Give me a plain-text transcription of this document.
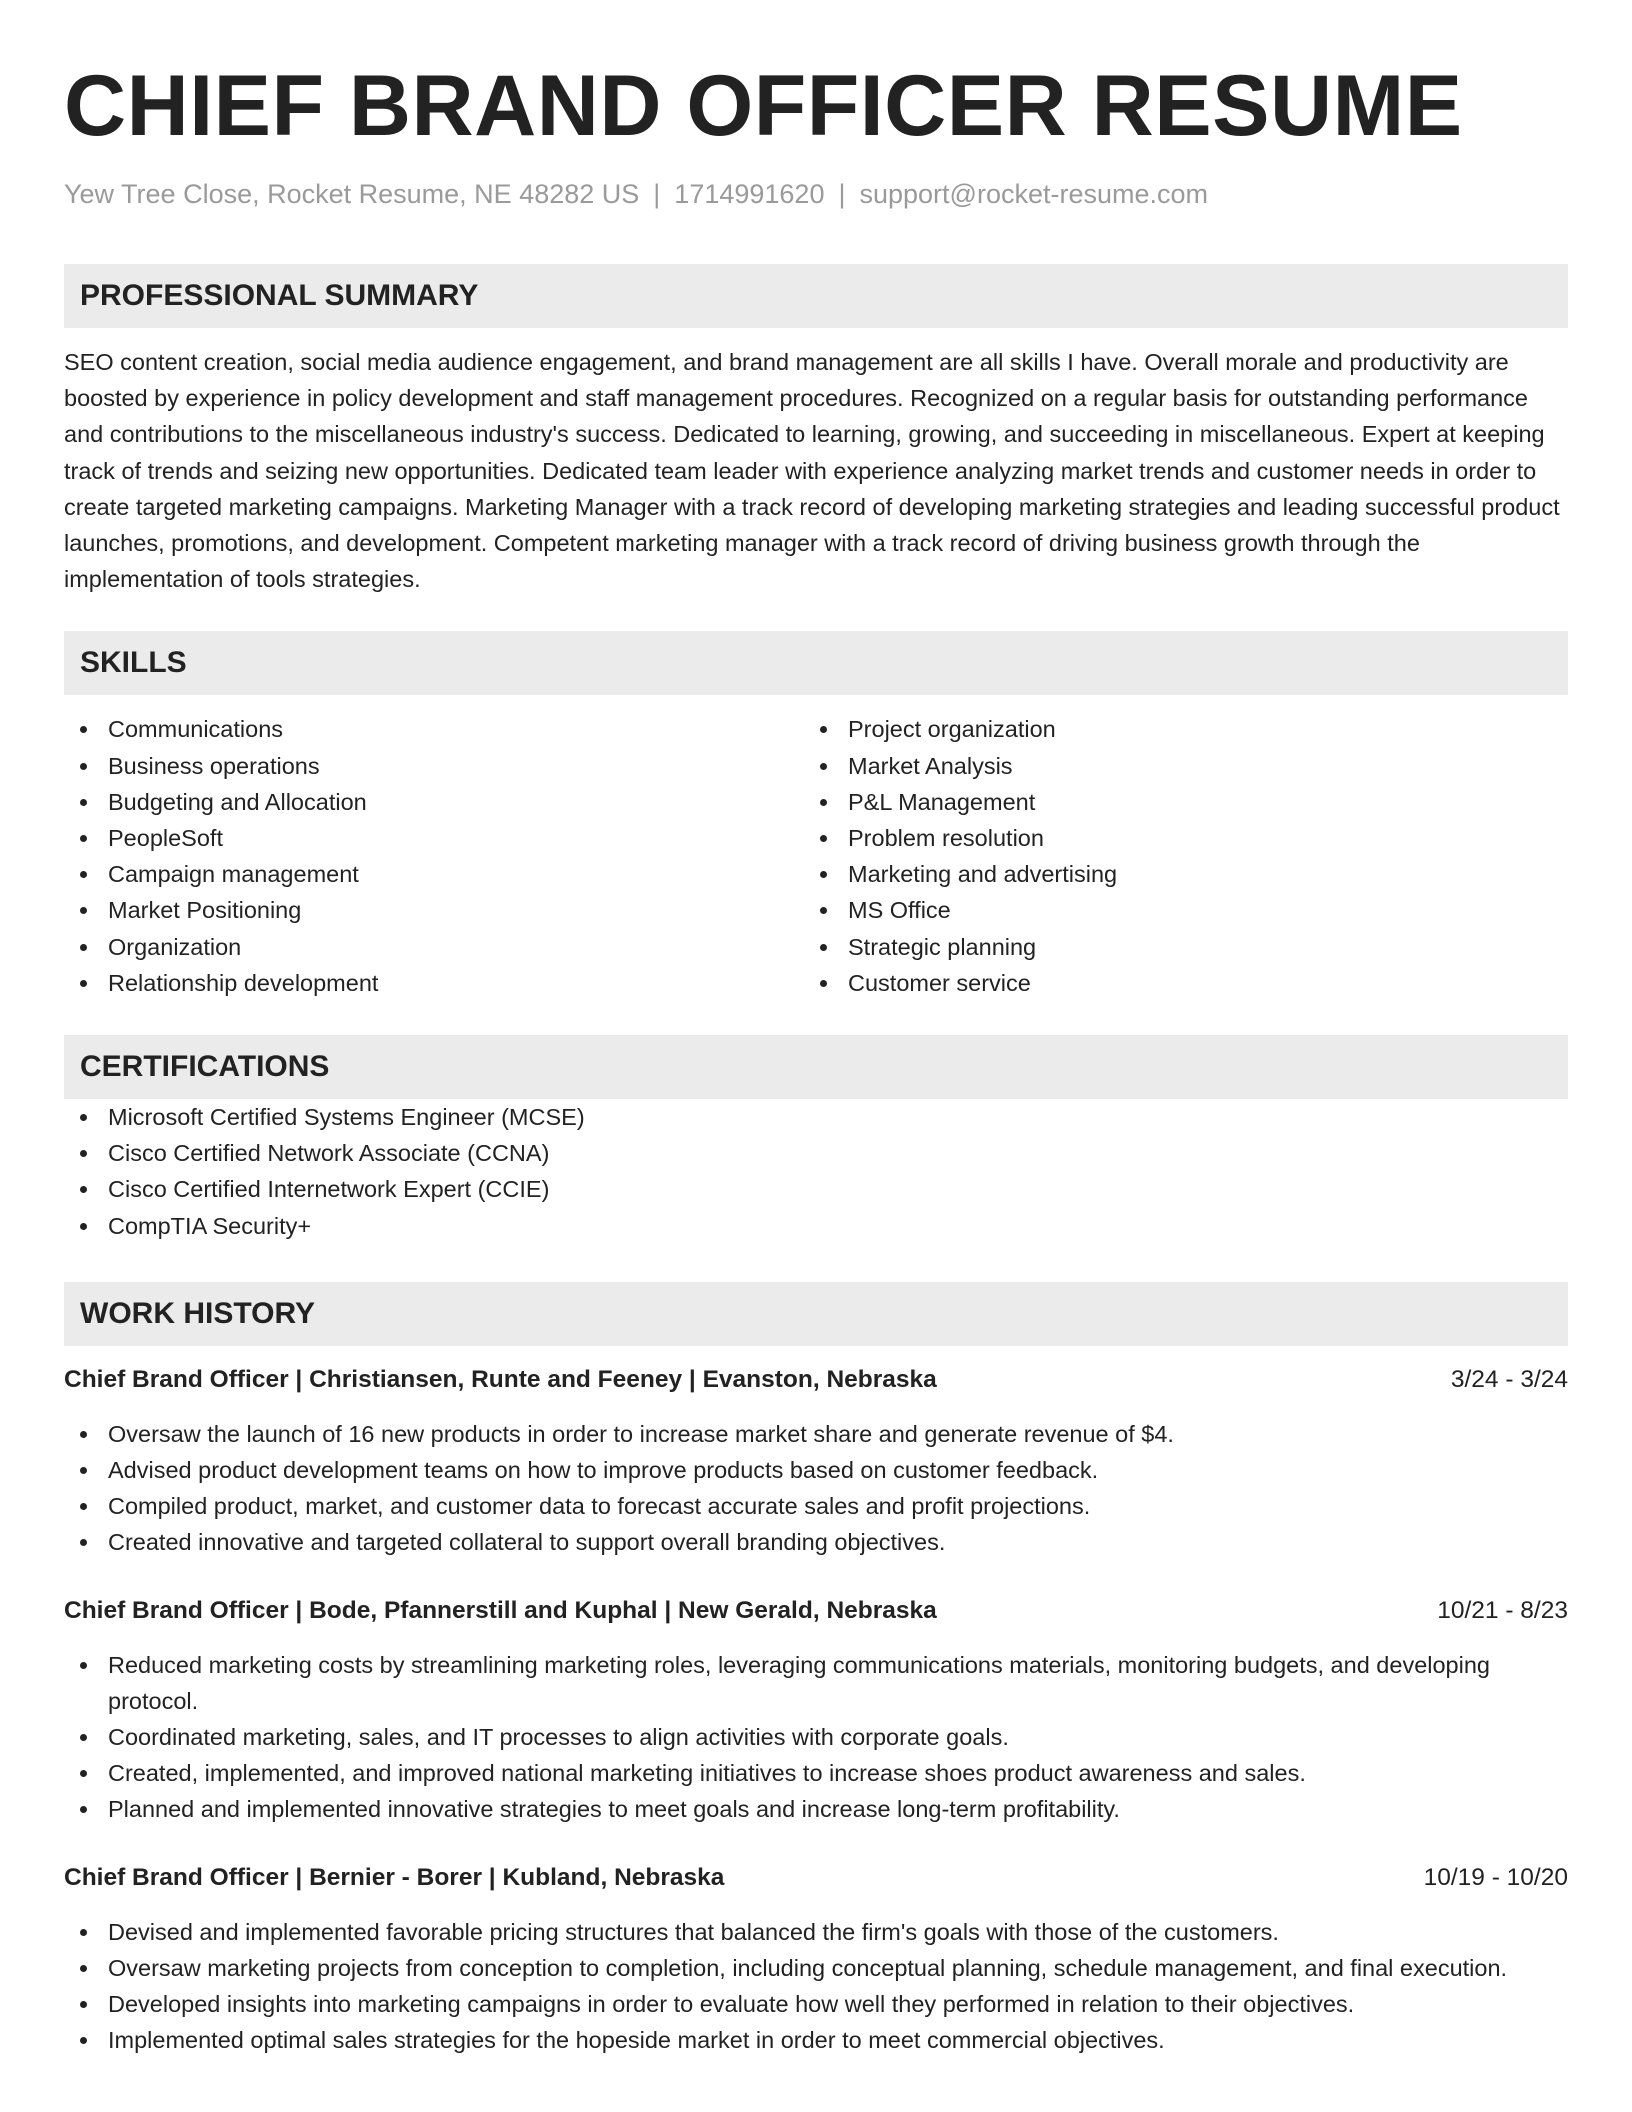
CHIEF BRAND OFFICER RESUME
Yew Tree Close, Rocket Resume, NE 48282 US | 1714991620 | support@rocket-resume.com
PROFESSIONAL SUMMARY
SEO content creation, social media audience engagement, and brand management are all skills I have. Overall morale and productivity are boosted by experience in policy development and staff management procedures. Recognized on a regular basis for outstanding performance and contributions to the miscellaneous industry's success. Dedicated to learning, growing, and succeeding in miscellaneous. Expert at keeping track of trends and seizing new opportunities. Dedicated team leader with experience analyzing market trends and customer needs in order to create targeted marketing campaigns. Marketing Manager with a track record of developing marketing strategies and leading successful product launches, promotions, and development. Competent marketing manager with a track record of driving business growth through the implementation of tools strategies.
SKILLS
Communications
Business operations
Budgeting and Allocation
PeopleSoft
Campaign management
Market Positioning
Organization
Relationship development
Project organization
Market Analysis
P&L Management
Problem resolution
Marketing and advertising
MS Office
Strategic planning
Customer service
CERTIFICATIONS
Microsoft Certified Systems Engineer (MCSE)
Cisco Certified Network Associate (CCNA)
Cisco Certified Internetwork Expert (CCIE)
CompTIA Security+
WORK HISTORY
Chief Brand Officer | Christiansen, Runte and Feeney | Evanston, Nebraska	3/24 - 3/24
Oversaw the launch of 16 new products in order to increase market share and generate revenue of $4.
Advised product development teams on how to improve products based on customer feedback.
Compiled product, market, and customer data to forecast accurate sales and profit projections.
Created innovative and targeted collateral to support overall branding objectives.
Chief Brand Officer | Bode, Pfannerstill and Kuphal | New Gerald, Nebraska	10/21 - 8/23
Reduced marketing costs by streamlining marketing roles, leveraging communications materials, monitoring budgets, and developing protocol.
Coordinated marketing, sales, and IT processes to align activities with corporate goals.
Created, implemented, and improved national marketing initiatives to increase shoes product awareness and sales.
Planned and implemented innovative strategies to meet goals and increase long-term profitability.
Chief Brand Officer | Bernier - Borer | Kubland, Nebraska	10/19 - 10/20
Devised and implemented favorable pricing structures that balanced the firm's goals with those of the customers.
Oversaw marketing projects from conception to completion, including conceptual planning, schedule management, and final execution.
Developed insights into marketing campaigns in order to evaluate how well they performed in relation to their objectives.
Implemented optimal sales strategies for the hopeside market in order to meet commercial objectives.
